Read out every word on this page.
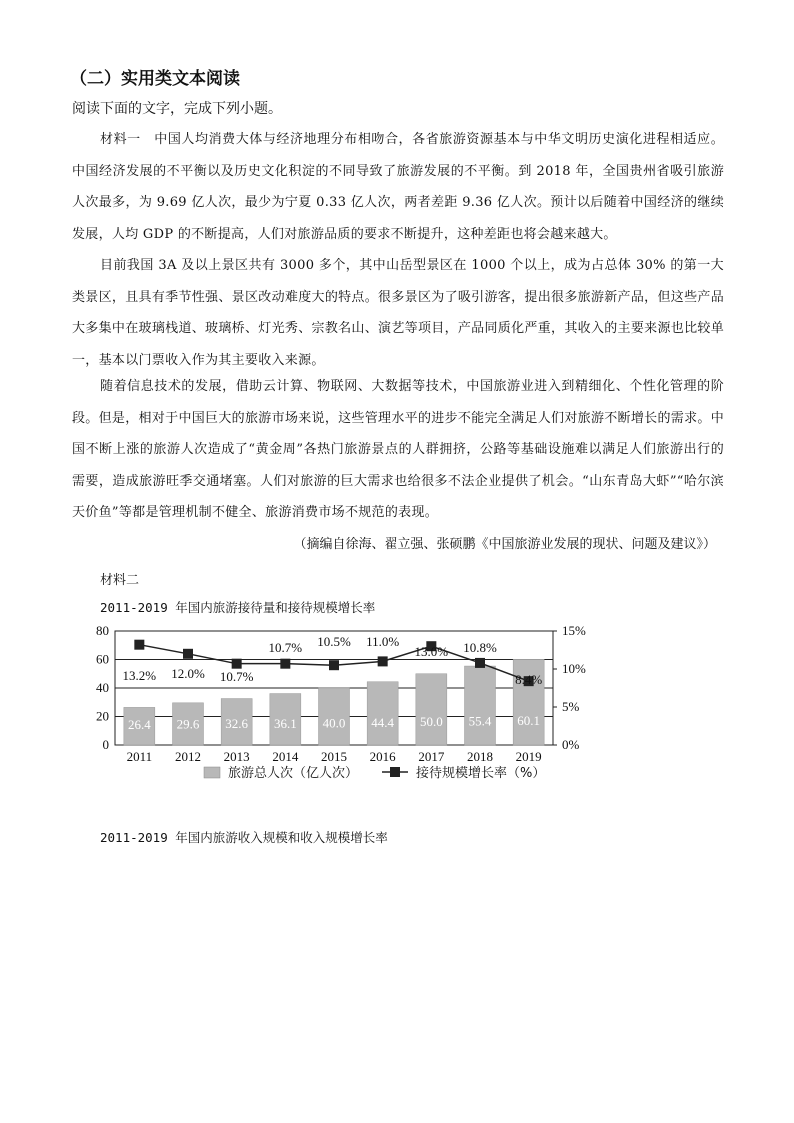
（二）实用类文本阅读
阅读下面的文字，完成下列小题。
材料一　中国人均消费大体与经济地理分布相吻合，各省旅游资源基本与中华文明历史演化进程相适应。中国经济发展的不平衡以及历史文化积淀的不同导致了旅游发展的不平衡。到 2018 年，全国贵州省吸引旅游人次最多，为 9.69 亿人次，最少为宁夏 0.33 亿人次，两者差距 9.36 亿人次。预计以后随着中国经济的继续发展，人均 GDP 的不断提高，人们对旅游品质的要求不断提升，这种差距也将会越来越大。
目前我国 3A 及以上景区共有 3000 多个，其中山岳型景区在 1000 个以上，成为占总体 30% 的第一大类景区，且具有季节性强、景区改动难度大的特点。很多景区为了吸引游客，提出很多旅游新产品，但这些产品大多集中在玻璃栈道、玻璃桥、灯光秀、宗教名山、演艺等项目，产品同质化严重，其收入的主要来源也比较单一，基本以门票收入作为其主要收入来源。
随着信息技术的发展，借助云计算、物联网、大数据等技术，中国旅游业进入到精细化、个性化管理的阶段。但是，相对于中国巨大的旅游市场来说，这些管理水平的进步不能完全满足人们对旅游不断增长的需求。中国不断上涨的旅游人次造成了“黄金周”各热门旅游景点的人群拥挤，公路等基础设施难以满足人们旅游出行的需要，造成旅游旺季交通堵塞。人们对旅游的巨大需求也给很多不法企业提供了机会。“山东青岛大虾”“哈尔滨天价鱼”等都是管理机制不健全、旅游消费市场不规范的表现。
（摘编自徐海、翟立强、张硕鹏《中国旅游业发展的现状、问题及建议》）
材料二
2011-2019 年国内旅游接待量和接待规模增长率
0
20
40
60
80
0%
5%
10%
15%
26.4
2011
29.6
2012
32.6
2013
36.1
2014
40.0
2015
44.4
2016
50.0
2017
55.4
2018
60.1
2019
13.2% 12.0% 10.7%
10.7% 10.5% 11.0%
13.0% 10.8%
8.4%
旅游总人次（亿人次）	接待规模增长率（%）
2011-2019 年国内旅游收入规模和收入规模增长率
